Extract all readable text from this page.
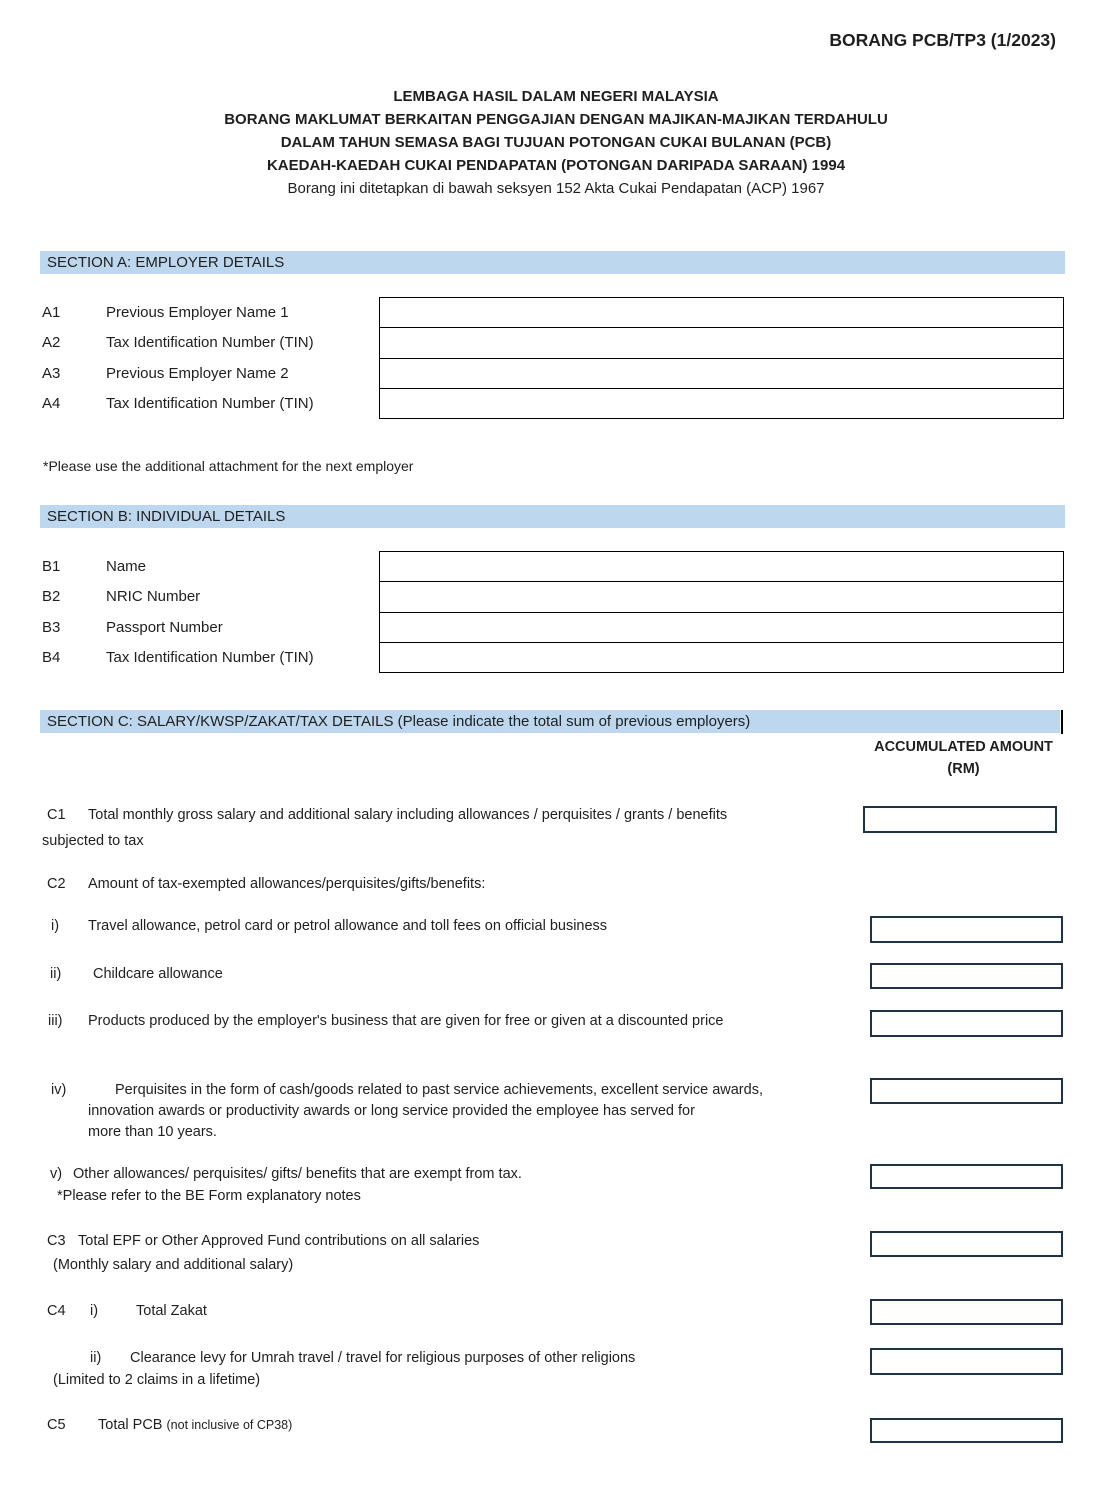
BORANG PCB/TP3 (1/2023)
LEMBAGA HASIL DALAM NEGERI MALAYSIA
BORANG MAKLUMAT BERKAITAN PENGGAJIAN DENGAN MAJIKAN-MAJIKAN TERDAHULU
DALAM TAHUN SEMASA BAGI TUJUAN POTONGAN CUKAI BULANAN (PCB)
KAEDAH-KAEDAH CUKAI PENDAPATAN (POTONGAN DARIPADA SARAAN) 1994
Borang ini ditetapkan di bawah seksyen 152 Akta Cukai Pendapatan (ACP) 1967
SECTION A: EMPLOYER DETAILS
A1	Previous Employer Name 1
A2	Tax Identification Number (TIN)
A3	Previous Employer Name 2
A4	Tax Identification Number (TIN)
*Please use the additional attachment for the next employer
SECTION B: INDIVIDUAL DETAILS
B1	Name
B2	NRIC Number
B3	Passport Number
B4	Tax Identification Number (TIN)
SECTION C: SALARY/KWSP/ZAKAT/TAX DETAILS (Please indicate the total sum of previous employers)
ACCUMULATED AMOUNT
(RM)
C1 Total monthly gross salary and additional salary including allowances / perquisites / grants / benefits
subjected to tax
C2 Amount of tax-exempted allowances/perquisites/gifts/benefits:
i) Travel allowance, petrol card or petrol allowance and toll fees on official business
ii) Childcare allowance
iii) Products produced by the employer's business that are given for free or given at a discounted price
iv)	Perquisites in the form of cash/goods related to past service achievements, excellent service awards,
innovation awards or productivity awards or long service provided the employee has served for
more than 10 years.
v) Other allowances/ perquisites/ gifts/ benefits that are exempt from tax.
*Please refer to the BE Form explanatory notes
C3 Total EPF or Other Approved Fund contributions on all salaries
(Monthly salary and additional salary)
C4 i)	Total Zakat
ii) Clearance levy for Umrah travel / travel for religious purposes of other religions
(Limited to 2 claims in a lifetime)
C5 Total PCB (not inclusive of CP38)
